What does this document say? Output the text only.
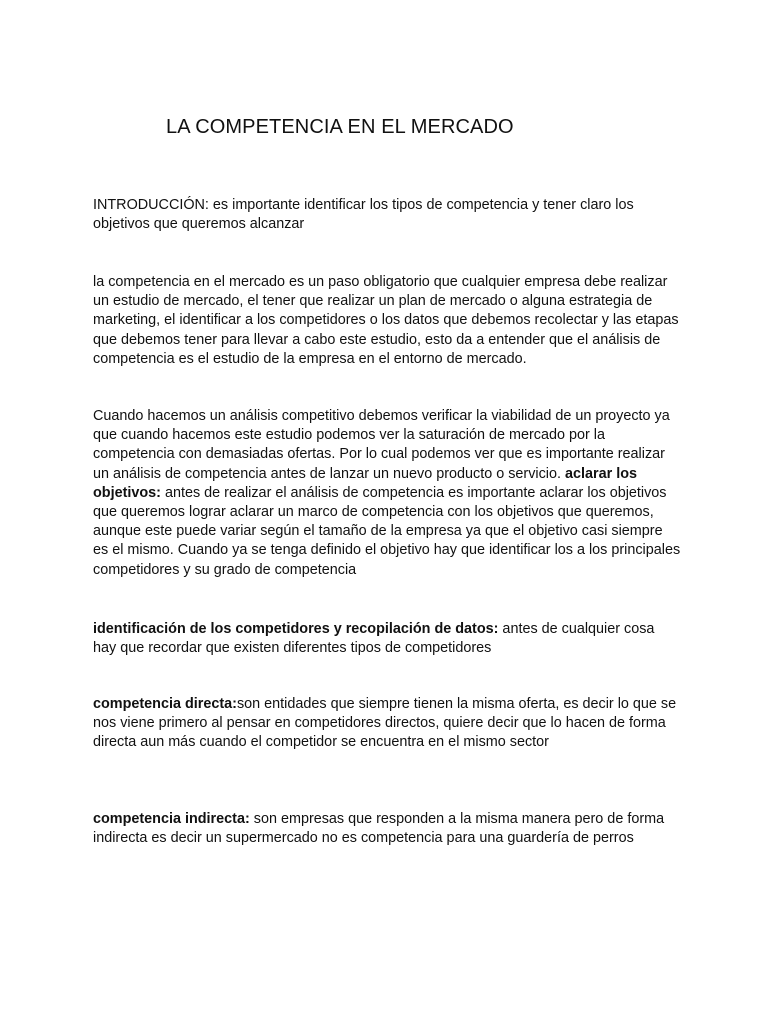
LA COMPETENCIA EN EL MERCADO

INTRODUCCIÓN: es importante identificar los tipos de competencia y tener claro los objetivos que queremos alcanzar

la competencia en el mercado es un paso obligatorio que cualquier empresa debe realizar un estudio de mercado, el tener que realizar un plan de mercado o alguna estrategia de marketing, el identificar a los competidores o los datos que debemos recolectar y las etapas que debemos tener para llevar a cabo este estudio, esto da a entender que el análisis de competencia es el estudio de la empresa en el entorno de mercado.

Cuando hacemos un análisis competitivo debemos verificar la viabilidad de un proyecto ya que cuando hacemos este estudio podemos ver la saturación de mercado por la competencia con demasiadas ofertas. Por lo cual podemos ver que es importante realizar un análisis de competencia antes de lanzar un nuevo producto o servicio. aclarar los objetivos: antes de realizar el análisis de competencia es importante aclarar los objetivos que queremos lograr aclarar un marco de competencia con los objetivos que queremos, aunque este puede variar según el tamaño de la empresa ya que el objetivo casi siempre es el mismo. Cuando ya se tenga definido el objetivo hay que identificar los a los principales competidores y su grado de competencia

identificación de los competidores y recopilación de datos: antes de cualquier cosa hay que recordar que existen diferentes tipos de competidores

competencia directa:son entidades que siempre tienen la misma oferta, es decir lo que se nos viene primero al pensar en competidores directos, quiere decir que lo hacen de forma directa aun más cuando el competidor se encuentra en el mismo sector

competencia indirecta: son empresas que responden a la misma manera pero de forma indirecta es decir un supermercado no es competencia para una guardería de perros
